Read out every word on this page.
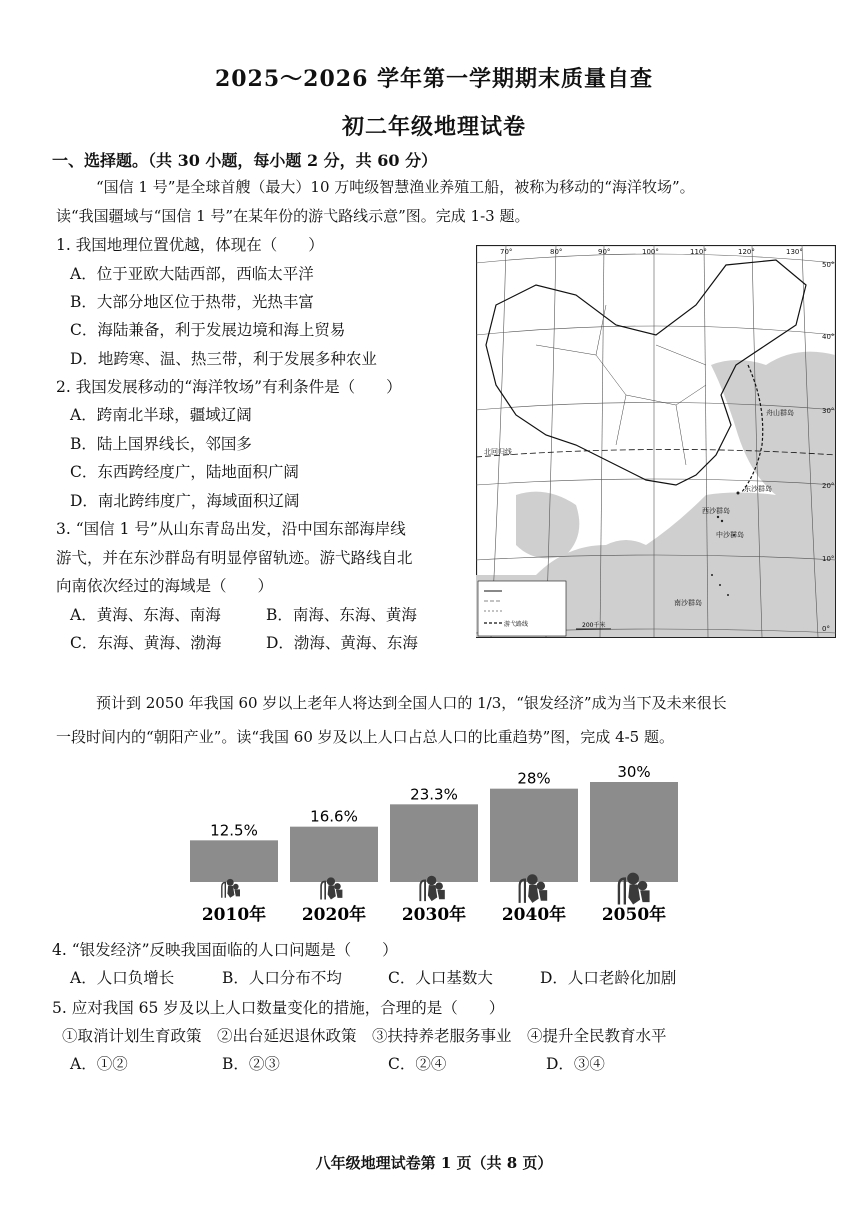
2025～2026 学年第一学期期末质量自查
初二年级地理试卷
一、选择题。（共 30 小题，每小题 2 分，共 60 分）
“国信 1 号”是全球首艘（最大）10 万吨级智慧渔业养殖工船，被称为移动的“海洋牧场”。
读“我国疆域与“国信 1 号”在某年份的游弋路线示意”图。完成 1-3 题。
1. 我国地理位置优越，体现在（　　）
A．位于亚欧大陆西部，西临太平洋
B．大部分地区位于热带，光热丰富
C．海陆兼备，利于发展边境和海上贸易
D．地跨寒、温、热三带，利于发展多种农业
2. 我国发展移动的“海洋牧场”有利条件是（　　）
A．跨南北半球，疆域辽阔
B．陆上国界线长，邻国多
C．东西跨经度广，陆地面积广阔
D．南北跨纬度广，海域面积辽阔
3. “国信 1 号”从山东青岛出发，沿中国东部海岸线
游弋，并在东沙群岛有明显停留轨迹。游弋路线自北
向南依次经过的海域是（　　）
A．黄海、东海、南海	B．南海、东海、黄海
C．东海、黄海、渤海	D．渤海、黄海、东海
70°	80°	90°	100°	110°	120°	130°
50°
40°
30°
20°
10°
0°
舟山群岛
北回归线
东沙群岛
西沙群岛
中沙群岛
南沙群岛
游弋路线	200千米
预计到 2050 年我国 60 岁以上老年人将达到全国人口的 1/3，“银发经济”成为当下及未来很长
一段时间内的“朝阳产业”。读“我国 60 岁及以上人口占总人口的比重趋势”图，完成 4-5 题。
12.5%
2010年
16.6%
2020年
23.3%
2030年
28%
2040年
30%
2050年
4. “银发经济”反映我国面临的人口问题是（　　）
A．人口负增长	B．人口分布不均	C．人口基数大	D．人口老龄化加剧
5. 应对我国 65 岁及以上人口数量变化的措施，合理的是（　　）
①取消计划生育政策　②出台延迟退休政策　③扶持养老服务事业　④提升全民教育水平
A．①②	B．②③	C．②④	D．③④
八年级地理试卷第 1 页（共 8 页）
